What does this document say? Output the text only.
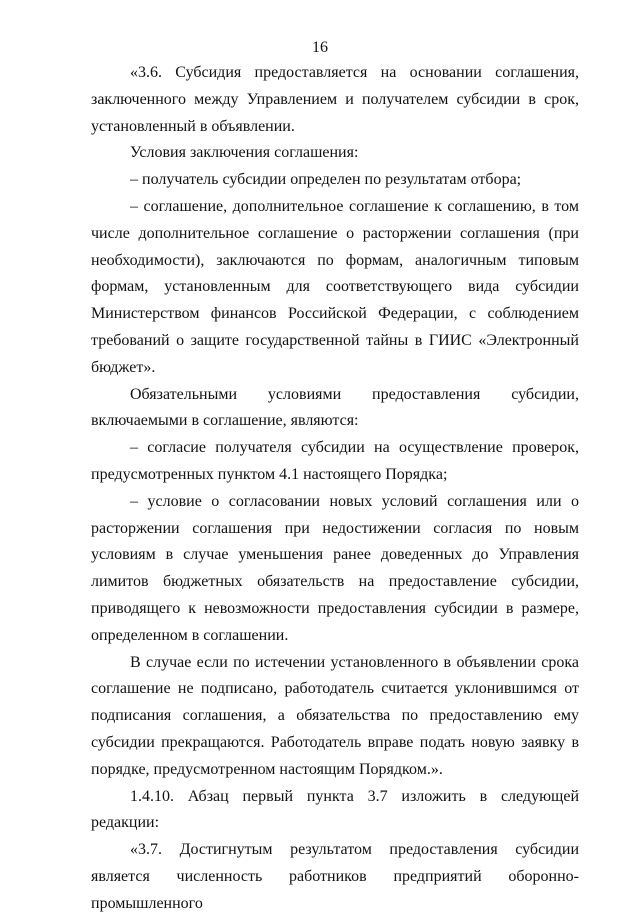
16

«3.6. Субсидия предоставляется на основании соглашения, заключенного между Управлением и получателем субсидии в срок, установленный в объявлении.

Условия заключения соглашения:

– получатель субсидии определен по результатам отбора;

– соглашение, дополнительное соглашение к соглашению, в том числе дополнительное соглашение о расторжении соглашения (при необходимости), заключаются по формам, аналогичным типовым формам, установленным для соответствующего вида субсидии Министерством финансов Российской Федерации, с соблюдением требований о защите государственной тайны в ГИИС «Электронный бюджет».

Обязательными условиями предоставления субсидии, включаемыми в соглашение, являются:

– согласие получателя субсидии на осуществление проверок, предусмотренных пунктом 4.1 настоящего Порядка;

– условие о согласовании новых условий соглашения или о расторжении соглашения при недостижении согласия по новым условиям в случае уменьшения ранее доведенных до Управления лимитов бюджетных обязательств на предоставление субсидии, приводящего к невозможности предоставления субсидии в размере, определенном в соглашении.

В случае если по истечении установленного в объявлении срока соглашение не подписано, работодатель считается уклонившимся от подписания соглашения, а обязательства по предоставлению ему субсидии прекращаются. Работодатель вправе подать новую заявку в порядке, предусмотренном настоящим Порядком.».

1.4.10. Абзац первый пункта 3.7 изложить в следующей редакции:

«3.7. Достигнутым результатом предоставления субсидии является численность работников предприятий оборонно-промышленного
